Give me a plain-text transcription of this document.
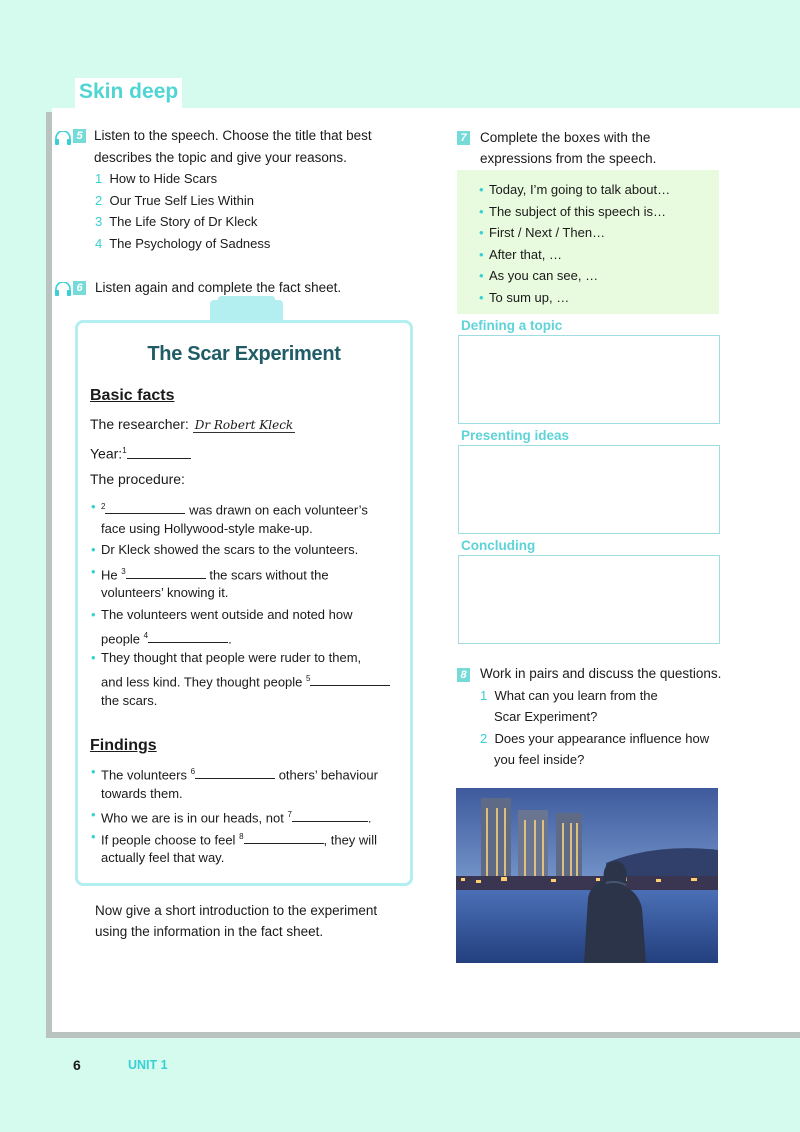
Skin deep
5 Listen to the speech. Choose the title that best
describes the topic and give your reasons.
1 How to Hide Scars
2 Our True Self Lies Within
3 The Life Story of Dr Kleck
4 The Psychology of Sadness
6 Listen again and complete the fact sheet.
The Scar Experiment
Basic facts
The researcher: Dr Robert Kleck
Year:$^1$
The procedure:
• $^2$	was drawn on each volunteer’s
face using Hollywood-style make-up.
• Dr Kleck showed the scars to the volunteers.
• He $^3$	the scars without the
volunteers’ knowing it.
• The volunteers went outside and noted how
people $^4$	.
• They thought that people were ruder to them,
and less kind. They thought people $^5$
the scars.
Findings
• The volunteers $^6$	others’ behaviour
towards them.
• Who we are is in our heads, not $^7$	.
• If people choose to feel $^8$	, they will
actually feel that way.
Now give a short introduction to the experiment
using the information in the fact sheet.
7 Complete the boxes with the
expressions from the speech.
• Today, I’m going to talk about…
• The subject of this speech is…
• First / Next / Then…
• After that, …
• As you can see, …
• To sum up, …
Defining a topic
Presenting ideas
Concluding
8 Work in pairs and discuss the questions.
1 What can you learn from the
Scar Experiment?
2 Does your appearance influence how
you feel inside?
6	UNIT 1
